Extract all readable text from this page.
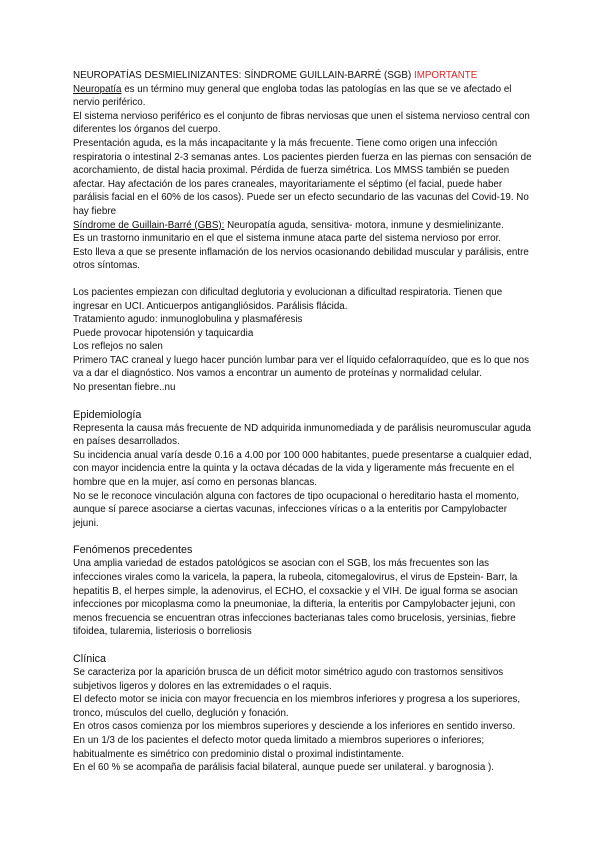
NEUROPATÍAS DESMIELINIZANTES: SÍNDROME GUILLAIN-BARRÉ (SGB) IMPORTANTE

Neuropatía es un término muy general que engloba todas las patologías en las que se ve afectado el nervio periférico.

El sistema nervioso periférico es el conjunto de fibras nerviosas que unen el sistema nervioso central con diferentes los órganos del cuerpo.

Presentación aguda, es la más incapacitante y la más frecuente. Tiene como origen una infección respiratoria o intestinal 2-3 semanas antes. Los pacientes pierden fuerza en las piernas con sensación de acorchamiento, de distal hacia proximal. Pérdida de fuerza simétrica. Los MMSS también se pueden afectar. Hay afectación de los pares craneales, mayoritariamente el séptimo (el facial, puede haber parálisis facial en el 60% de los casos). Puede ser un efecto secundario de las vacunas del Covid-19. No hay fiebre

Síndrome de Guillain-Barré (GBS): Neuropatía aguda, sensitiva- motora, inmune y desmielinizante.

Es un trastorno inmunitario en el que el sistema inmune ataca parte del sistema nervioso por error.

Esto lleva a que se presente inflamación de los nervios ocasionando debilidad muscular y parálisis, entre otros síntomas.

Los pacientes empiezan con dificultad deglutoria y evolucionan a dificultad respiratoria. Tienen que ingresar en UCI. Anticuerpos antigangliósidos. Parálisis flácida.

Tratamiento agudo: inmunoglobulina y plasmaféresis

Puede provocar hipotensión y taquicardia

Los reflejos no salen

Primero TAC craneal y luego hacer punción lumbar para ver el líquido cefalorraquídeo, que es lo que nos va a dar el diagnóstico. Nos vamos a encontrar un aumento de proteínas y normalidad celular.

No presentan fiebre..nu

Epidemiología

Representa la causa más frecuente de ND adquirida inmunomediada y de parálisis neuromuscular aguda en países desarrollados.

Su incidencia anual varía desde 0.16 a 4.00 por 100 000 habitantes, puede presentarse a cualquier edad, con mayor incidencia entre la quinta y la octava décadas de la vida y ligeramente más frecuente en el hombre que en la mujer, así como en personas blancas.

No se le reconoce vinculación alguna con factores de tipo ocupacional o hereditario hasta el momento, aunque sí parece asociarse a ciertas vacunas, infecciones víricas o a la enteritis por Campylobacter jejuni.

Fenómenos precedentes

Una amplia variedad de estados patológicos se asocian con el SGB, los más frecuentes son las infecciones virales como la varicela, la papera, la rubeola, citomegalovirus, el virus de Epstein- Barr, la hepatitis B, el herpes simple, la adenovirus, el ECHO, el coxsackie y el VIH. De igual forma se asocian infecciones por micoplasma como la pneumoniae, la difteria, la enteritis por Campylobacter jejuni, con menos frecuencia se encuentran otras infecciones bacterianas tales como brucelosis, yersinias, fiebre tifoidea, tularemia, listeriosis o borreliosis

Clínica

Se caracteriza por la aparición brusca de un déficit motor simétrico agudo con trastornos sensitivos subjetivos ligeros y dolores en las extremidades o el raquis.

El defecto motor se inicia con mayor frecuencia en los miembros inferiores y progresa a los superiores, tronco, músculos del cuello, deglución y fonación.

En otros casos comienza por los miembros superiores y desciende a los inferiores en sentido inverso.

En un 1/3 de los pacientes el defecto motor queda limitado a miembros superiores o inferiores; habitualmente es simétrico con predominio distal o proximal indistintamente.

En el 60 % se acompaña de parálisis facial bilateral, aunque puede ser unilateral. y barognosia ).
